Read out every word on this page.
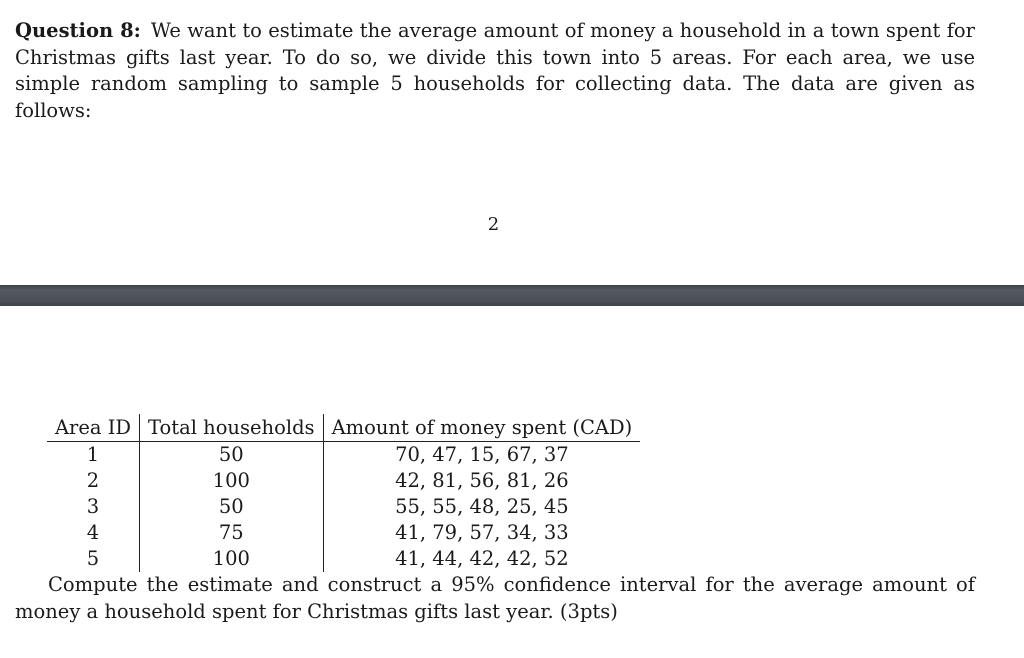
Question 8: We want to estimate the average amount of money a household in a town spent for Christmas gifts last year. To do so, we divide this town into 5 areas. For each area, we use simple random sampling to sample 5 households for collecting data. The data are given as follows:

2
Area ID	Total households	Amount of money spent (CAD)
1	50	70, 47, 15, 67, 37
2	100	42, 81, 56, 81, 26
3	50	55, 55, 48, 25, 45
4	75	41, 79, 57, 34, 33
5	100	41, 44, 42, 42, 52

Compute the estimate and construct a 95% confidence interval for the average amount of money a household spent for Christmas gifts last year. (3pts)
